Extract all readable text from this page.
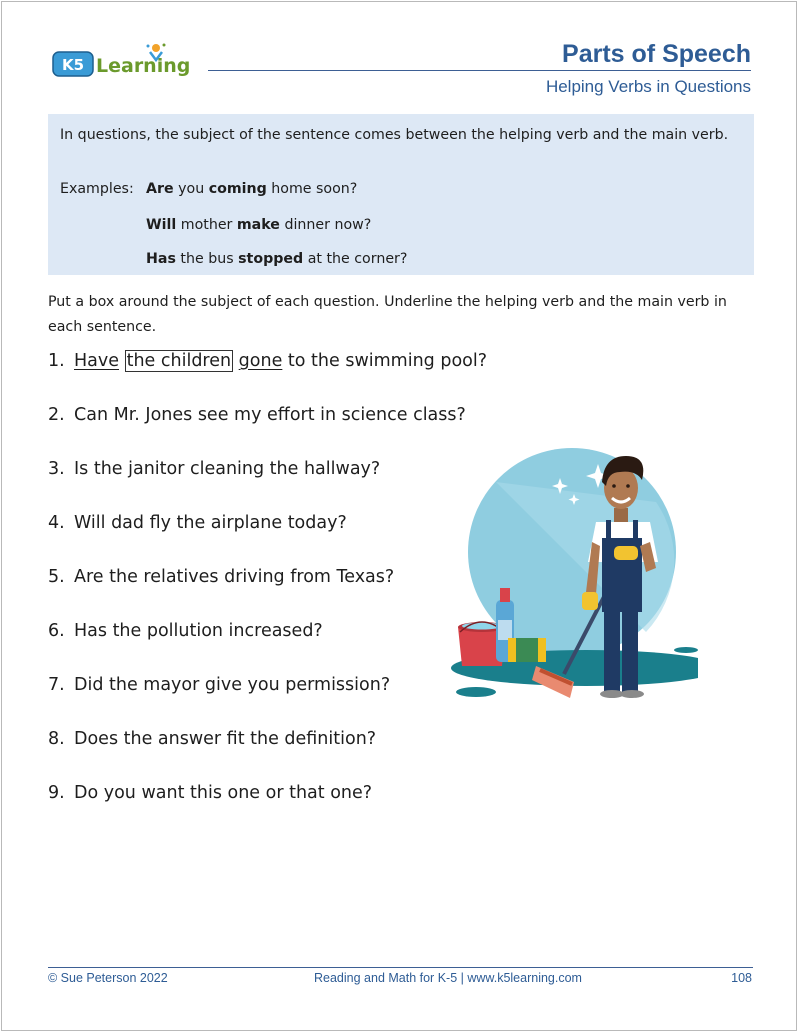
K5 Learning	Parts of Speech
Helping Verbs in Questions
In questions, the subject of the sentence comes between the helping verb and the main verb.
Examples: Are you coming home soon?
Will mother make dinner now?
Has the bus stopped at the corner?
Put a box around the subject of each question. Underline the helping verb and the main verb in each sentence.
1. Have the children gone to the swimming pool?
2. Can Mr. Jones see my effort in science class?
3. Is the janitor cleaning the hallway?
4. Will dad fly the airplane today?
5. Are the relatives driving from Texas?
6. Has the pollution increased?
7. Did the mayor give you permission?
8. Does the answer fit the definition?
9. Do you want this one or that one?
© Sue Peterson 2022	Reading and Math for K-5 | www.k5learning.com	108
